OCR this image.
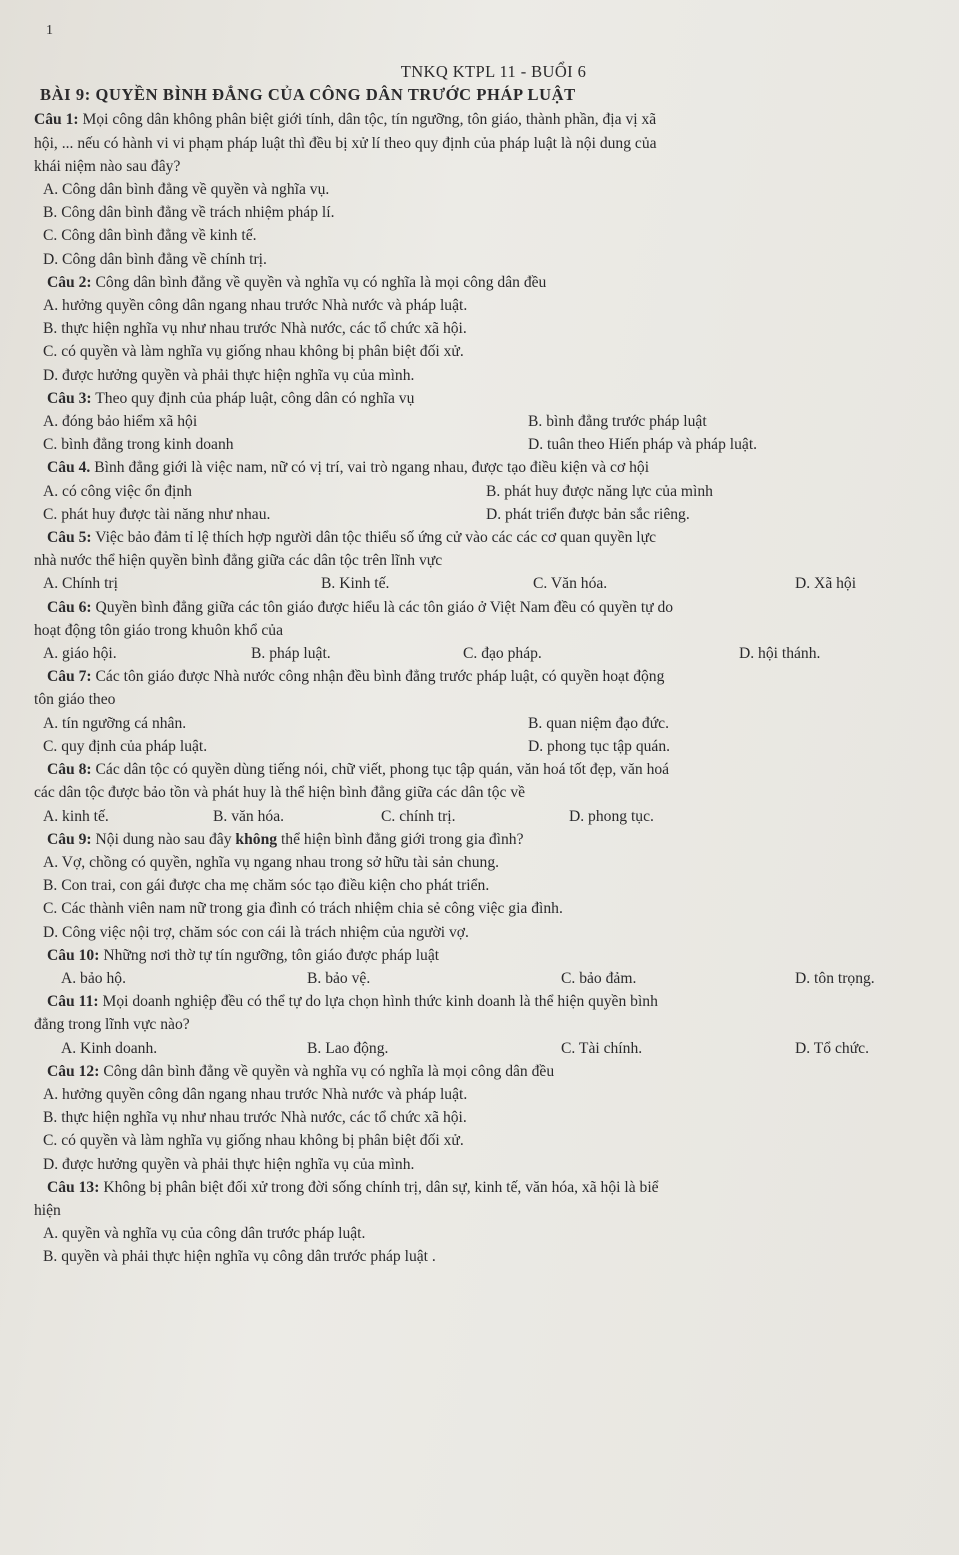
1
TNKQ KTPL 11 - BUỔI 6
BÀI 9: QUYỀN BÌNH ĐẲNG CỦA CÔNG DÂN TRƯỚC PHÁP LUẬT
Câu 1: Mọi công dân không phân biệt giới tính, dân tộc, tín ngưỡng, tôn giáo, thành phần, địa vị xã
hội, ... nếu có hành vi vi phạm pháp luật thì đều bị xử lí theo quy định của pháp luật là nội dung của
khái niệm nào sau đây?
A. Công dân bình đẳng về quyền và nghĩa vụ.
B. Công dân bình đẳng về trách nhiệm pháp lí.
C. Công dân bình đẳng về kinh tế.
D. Công dân bình đẳng về chính trị.
Câu 2: Công dân bình đẳng về quyền và nghĩa vụ có nghĩa là mọi công dân đều
A. hưởng quyền công dân ngang nhau trước Nhà nước và pháp luật.
B. thực hiện nghĩa vụ như nhau trước Nhà nước, các tổ chức xã hội.
C. có quyền và làm nghĩa vụ giống nhau không bị phân biệt đối xử.
D. được hưởng quyền và phải thực hiện nghĩa vụ của mình.
Câu 3: Theo quy định của pháp luật, công dân có nghĩa vụ
A. đóng bảo hiểm xã hội	B. bình đẳng trước pháp luật
C. bình đẳng trong kinh doanh	D. tuân theo Hiến pháp và pháp luật.
Câu 4. Bình đẳng giới là việc nam, nữ có vị trí, vai trò ngang nhau, được tạo điều kiện và cơ hội
A. có công việc ổn định	B. phát huy được năng lực của mình
C. phát huy được tài năng như nhau.	D. phát triển được bản sắc riêng.
Câu 5: Việc bảo đảm tỉ lệ thích hợp người dân tộc thiểu số ứng cử vào các các cơ quan quyền lực
nhà nước thể hiện quyền bình đẳng giữa các dân tộc trên lĩnh vực
A. Chính trị	B. Kinh tế.	C. Văn hóa.	D. Xã hội
Câu 6: Quyền bình đẳng giữa các tôn giáo được hiểu là các tôn giáo ở Việt Nam đều có quyền tự do
hoạt động tôn giáo trong khuôn khổ của
A. giáo hội.	B. pháp luật.	C. đạo pháp.	D. hội thánh.
Câu 7: Các tôn giáo được Nhà nước công nhận đều bình đẳng trước pháp luật, có quyền hoạt động
tôn giáo theo
A. tín ngưỡng cá nhân.	B. quan niệm đạo đức.
C. quy định của pháp luật.	D. phong tục tập quán.
Câu 8: Các dân tộc có quyền dùng tiếng nói, chữ viết, phong tục tập quán, văn hoá tốt đẹp, văn hoá
các dân tộc được bảo tồn và phát huy là thể hiện bình đẳng giữa các dân tộc về
A. kinh tế.	B. văn hóa.	C. chính trị.	D. phong tục.
Câu 9: Nội dung nào sau đây không thể hiện bình đẳng giới trong gia đình?
A. Vợ, chồng có quyền, nghĩa vụ ngang nhau trong sở hữu tài sản chung.
B. Con trai, con gái được cha mẹ chăm sóc tạo điều kiện cho phát triển.
C. Các thành viên nam nữ trong gia đình có trách nhiệm chia sẻ công việc gia đình.
D. Công việc nội trợ, chăm sóc con cái là trách nhiệm của người vợ.
Câu 10: Những nơi thờ tự tín ngưỡng, tôn giáo được pháp luật
A. bảo hộ.	B. bảo vệ.	C. bảo đảm.	D. tôn trọng.
Câu 11: Mọi doanh nghiệp đều có thể tự do lựa chọn hình thức kinh doanh là thể hiện quyền bình
đẳng trong lĩnh vực nào?
A. Kinh doanh.	B. Lao động.	C. Tài chính.	D. Tổ chức.
Câu 12: Công dân bình đẳng về quyền và nghĩa vụ có nghĩa là mọi công dân đều
A. hưởng quyền công dân ngang nhau trước Nhà nước và pháp luật.
B. thực hiện nghĩa vụ như nhau trước Nhà nước, các tổ chức xã hội.
C. có quyền và làm nghĩa vụ giống nhau không bị phân biệt đối xử.
D. được hưởng quyền và phải thực hiện nghĩa vụ của mình.
Câu 13: Không bị phân biệt đối xử trong đời sống chính trị, dân sự, kinh tế, văn hóa, xã hội là biể
hiện
A. quyền và nghĩa vụ của công dân trước pháp luật.
B. quyền và phải thực hiện nghĩa vụ công dân trước pháp luật .
